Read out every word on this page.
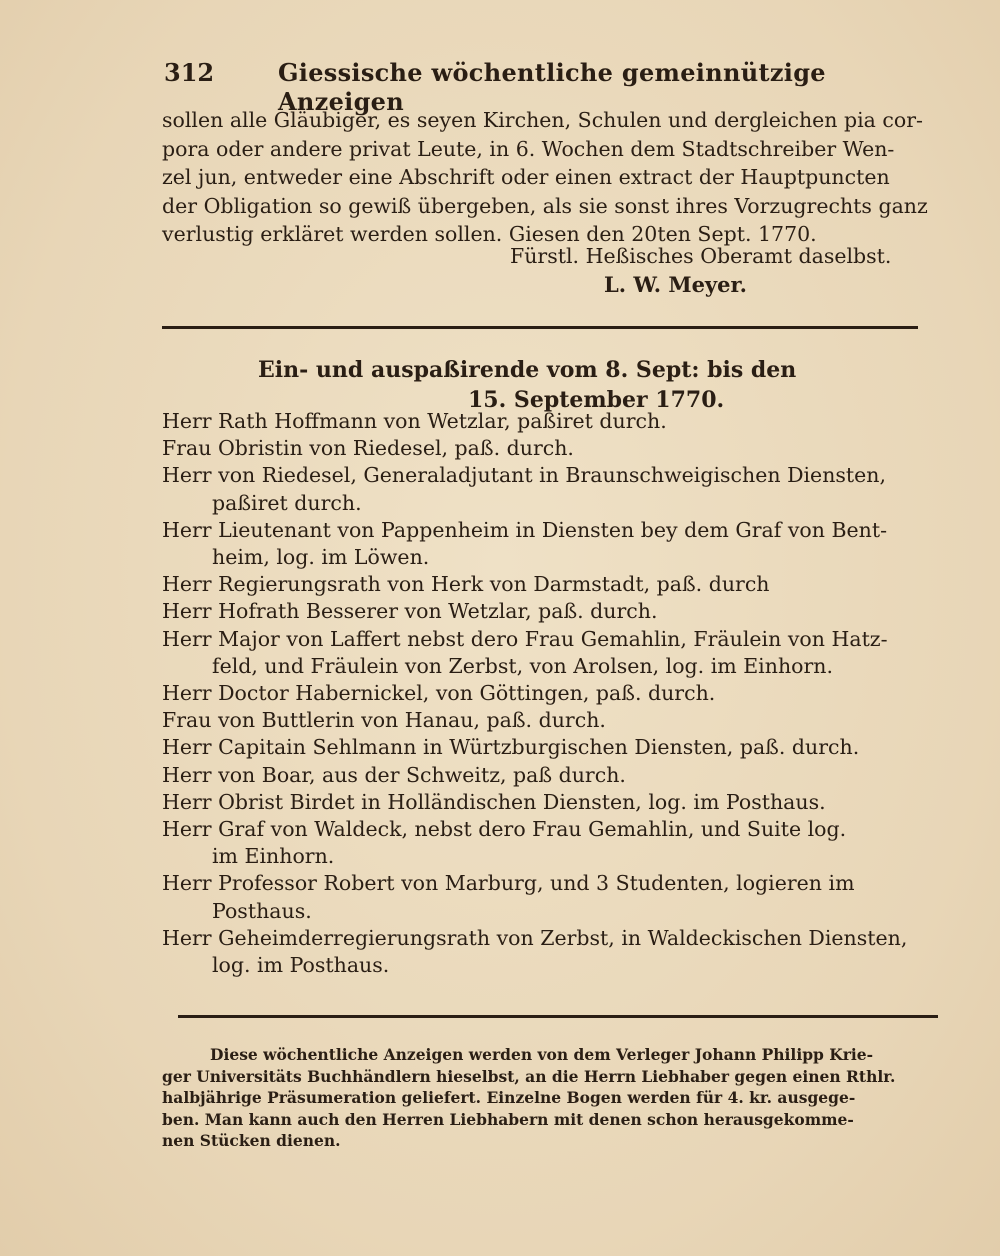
312	Giessische wöchentliche gemeinnützige Anzeigen
sollen alle Gläubiger, es seyen Kirchen, Schulen und dergleichen pia cor-
pora oder andere privat Leute, in 6. Wochen dem Stadtschreiber Wen-
zel jun, entweder eine Abschrift oder einen extract der Hauptpuncten
der Obligation so gewiß übergeben, als sie sonst ihres Vorzugrechts ganz
verlustig erkläret werden sollen. Giesen den 20ten Sept. 1770.
Fürstl. Heßisches Oberamt daselbst.
L. W. Meyer.
Ein- und auspaßirende vom 8. Sept: bis den
15. September 1770.
Herr Rath Hoffmann von Wetzlar, paßiret durch.
Frau Obristin von Riedesel, paß. durch.
Herr von Riedesel, Generaladjutant in Braunschweigischen Diensten,
paßiret durch.
Herr Lieutenant von Pappenheim in Diensten bey dem Graf von Bent-
heim, log. im Löwen.
Herr Regierungsrath von Herk von Darmstadt, paß. durch
Herr Hofrath Besserer von Wetzlar, paß. durch.
Herr Major von Laffert nebst dero Frau Gemahlin, Fräulein von Hatz-
feld, und Fräulein von Zerbst, von Arolsen, log. im Einhorn.
Herr Doctor Habernickel, von Göttingen, paß. durch.
Frau von Buttlerin von Hanau, paß. durch.
Herr Capitain Sehlmann in Würtzburgischen Diensten, paß. durch.
Herr von Boar, aus der Schweitz, paß durch.
Herr Obrist Birdet in Holländischen Diensten, log. im Posthaus.
Herr Graf von Waldeck, nebst dero Frau Gemahlin, und Suite log.
im Einhorn.
Herr Professor Robert von Marburg, und 3 Studenten, logieren im
Posthaus.
Herr Geheimderregierungsrath von Zerbst, in Waldeckischen Diensten,
log. im Posthaus.
Diese wöchentliche Anzeigen werden von dem Verleger Johann Philipp Krie-
ger Universitäts Buchhändlern hieselbst, an die Herrn Liebhaber gegen einen Rthlr.
halbjährige Präsumeration geliefert. Einzelne Bogen werden für 4. kr. ausgege-
ben. Man kann auch den Herren Liebhabern mit denen schon herausgekomme-
nen Stücken dienen.
